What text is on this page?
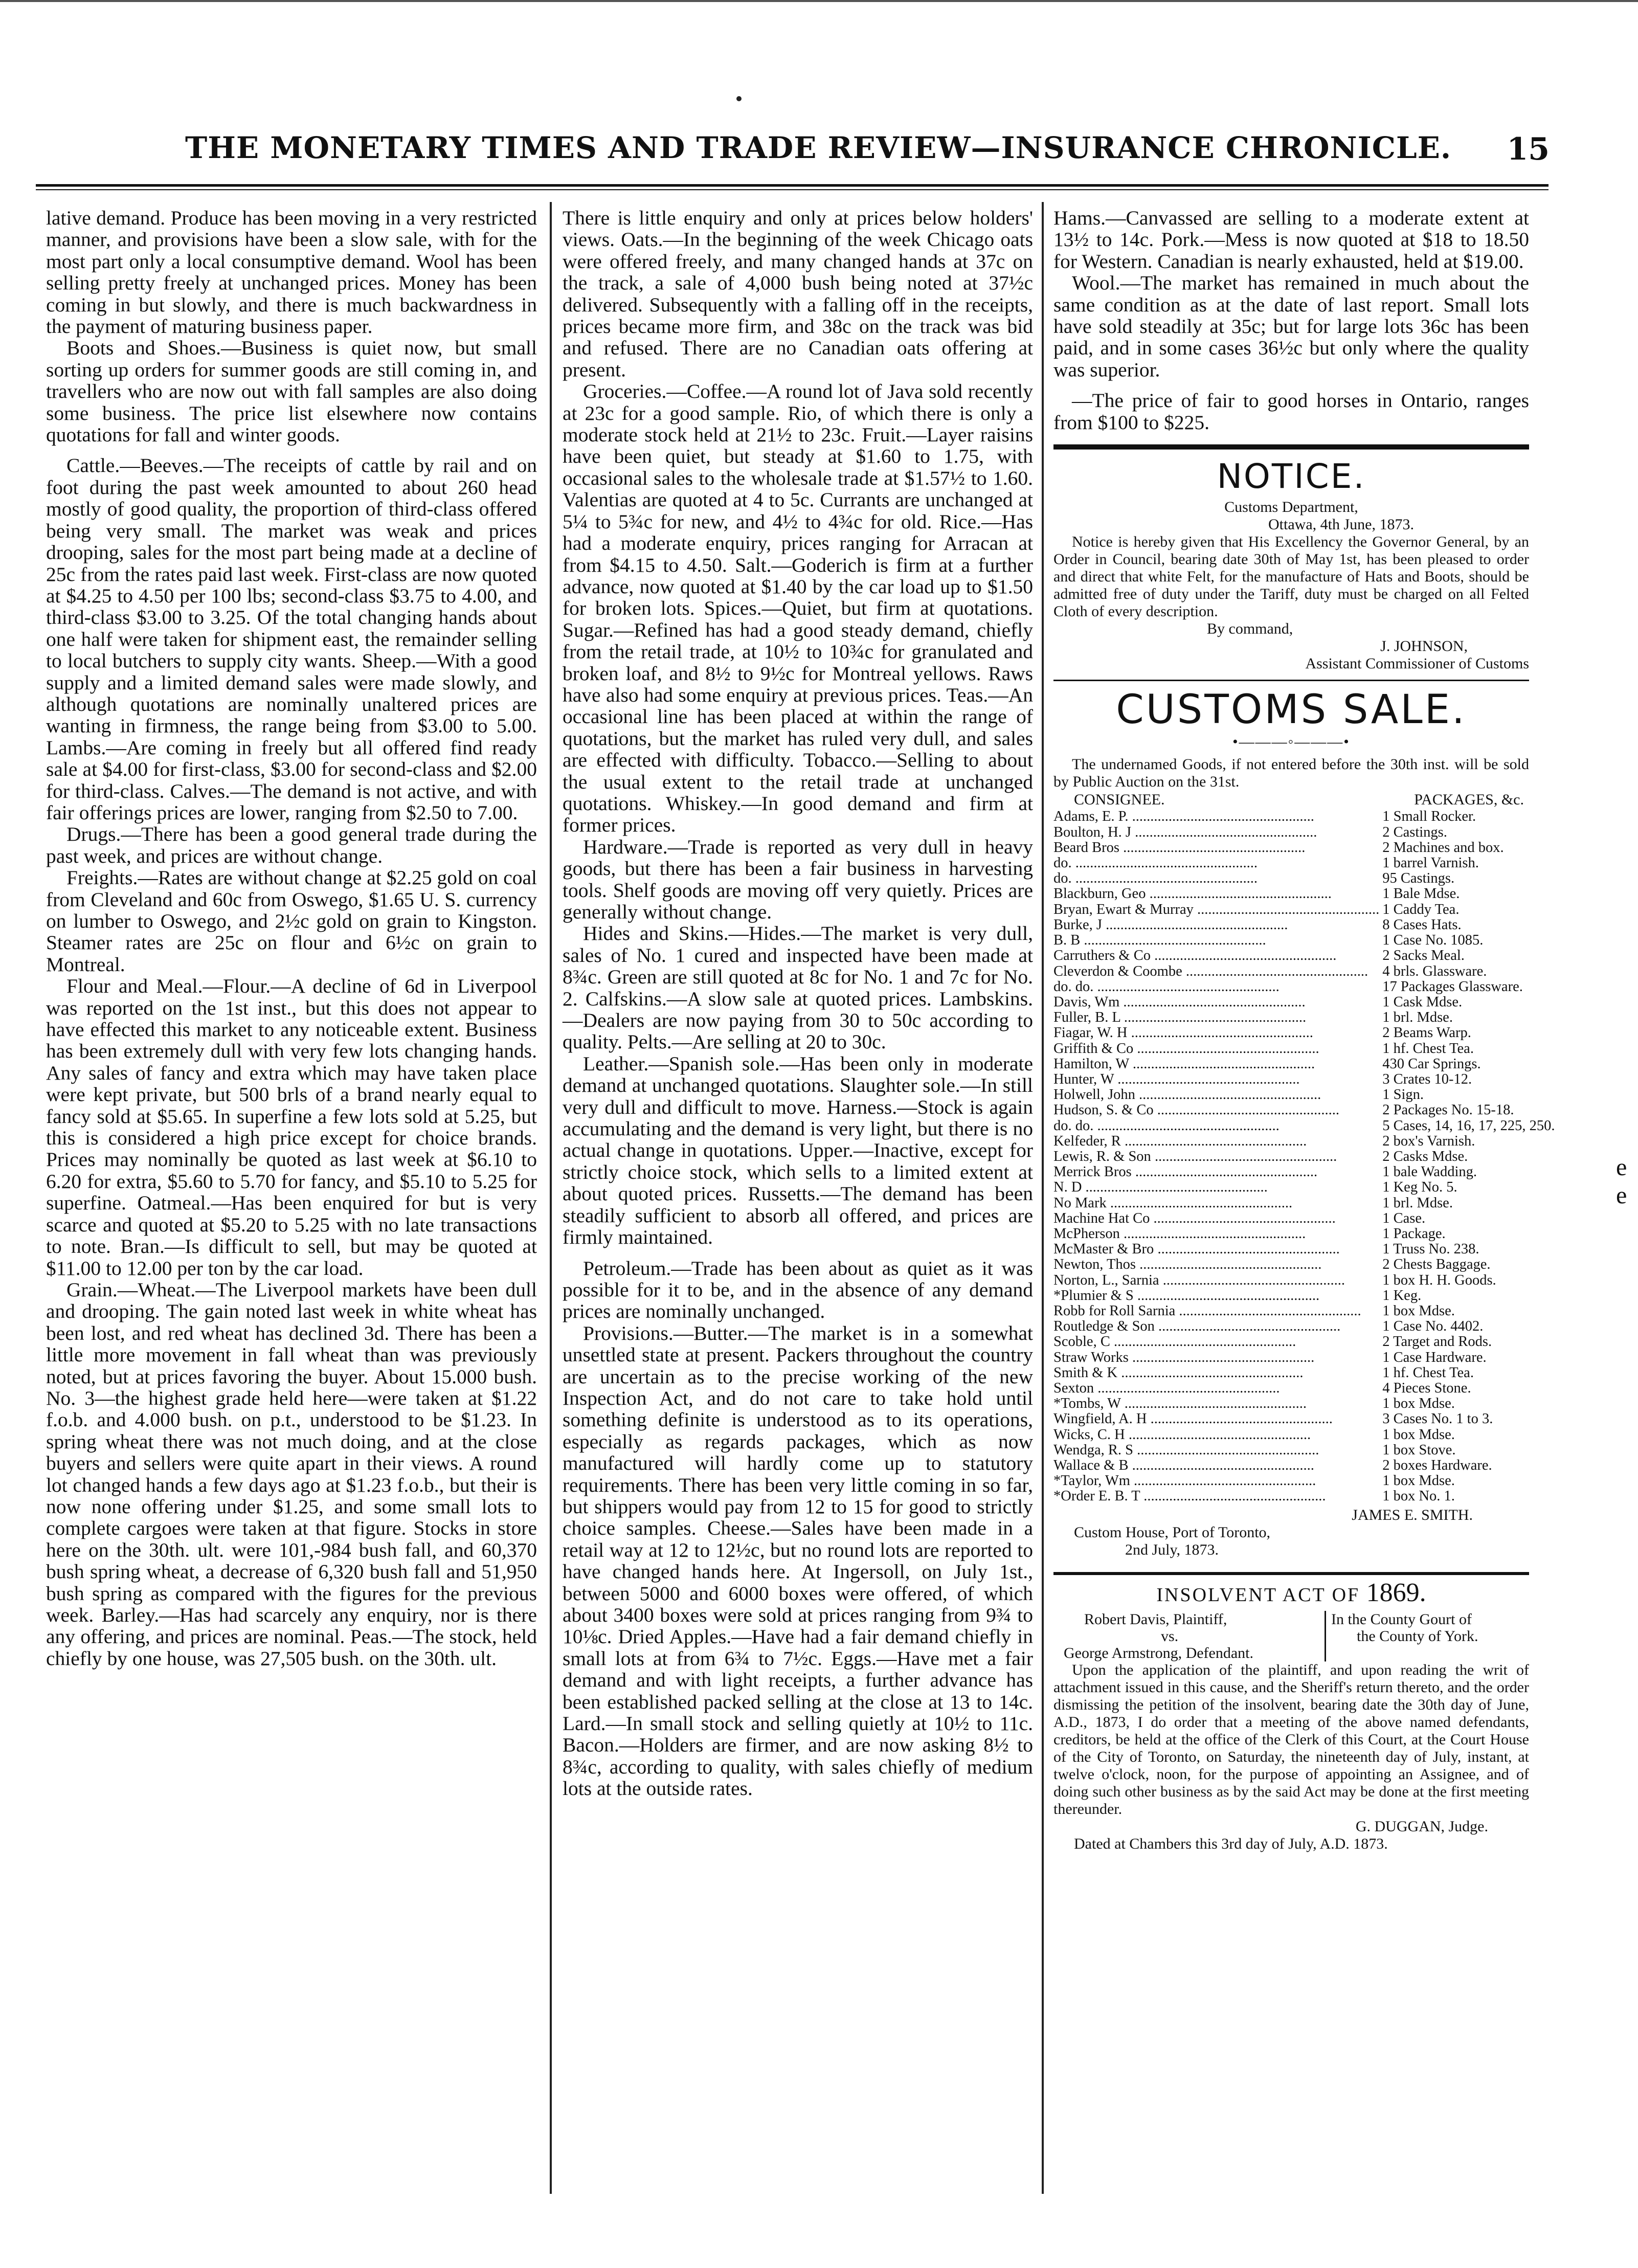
THE MONETARY TIMES AND TRADE REVIEW—INSURANCE CHRONICLE.	15

lative demand. Produce has been moving in a very restricted manner, and provisions have been a slow sale, with for the most part only a local consumptive demand. Wool has been selling pretty freely at unchanged prices. Money has been coming in but slowly, and there is much backwardness in the payment of maturing business paper.

Boots and Shoes.—Business is quiet now, but small sorting up orders for summer goods are still coming in, and travellers who are now out with fall samples are also doing some business. The price list elsewhere now contains quotations for fall and winter goods.

Cattle.—Beeves.—The receipts of cattle by rail and on foot during the past week amounted to about 260 head mostly of good quality, the proportion of third-class offered being very small. The market was weak and prices drooping, sales for the most part being made at a decline of 25c from the rates paid last week. First-class are now quoted at $4.25 to 4.50 per 100 lbs; second-class $3.75 to 4.00, and third-class $3.00 to 3.25. Of the total changing hands about one half were taken for shipment east, the remainder selling to local butchers to supply city wants. Sheep.—With a good supply and a limited demand sales were made slowly, and although quotations are nominally unaltered prices are wanting in firmness, the range being from $3.00 to 5.00. Lambs.—Are coming in freely but all offered find ready sale at $4.00 for first-class, $3.00 for second-class and $2.00 for third-class. Calves.—The demand is not active, and with fair offerings prices are lower, ranging from $2.50 to 7.00.

Drugs.—There has been a good general trade during the past week, and prices are without change.

Freights.—Rates are without change at $2.25 gold on coal from Cleveland and 60c from Oswego, $1.65 U. S. currency on lumber to Oswego, and 2½c gold on grain to Kingston. Steamer rates are 25c on flour and 6½c on grain to Montreal.

Flour and Meal.—Flour.—A decline of 6d in Liverpool was reported on the 1st inst., but this does not appear to have effected this market to any noticeable extent. Business has been extremely dull with very few lots changing hands. Any sales of fancy and extra which may have taken place were kept private, but 500 brls of a brand nearly equal to fancy sold at $5.65. In superfine a few lots sold at 5.25, but this is considered a high price except for choice brands. Prices may nominally be quoted as last week at $6.10 to 6.20 for extra, $5.60 to 5.70 for fancy, and $5.10 to 5.25 for superfine. Oatmeal.—Has been enquired for but is very scarce and quoted at $5.20 to 5.25 with no late transactions to note. Bran.—Is difficult to sell, but may be quoted at $11.00 to 12.00 per ton by the car load.

Grain.—Wheat.—The Liverpool markets have been dull and drooping. The gain noted last week in white wheat has been lost, and red wheat has declined 3d. There has been a little more movement in fall wheat than was previously noted, but at prices favoring the buyer. About 15.000 bush. No. 3—the highest grade held here—were taken at $1.22 f.o.b. and 4.000 bush. on p.t., understood to be $1.23. In spring wheat there was not much doing, and at the close buyers and sellers were quite apart in their views. A round lot changed hands a few days ago at $1.23 f.o.b., but their is now none offering under $1.25, and some small lots to complete cargoes were taken at that figure. Stocks in store here on the 30th. ult. were 101,-984 bush fall, and 60,370 bush spring wheat, a decrease of 6,320 bush fall and 51,950 bush spring as compared with the figures for the previous week. Barley.—Has had scarcely any enquiry, nor is there any offering, and prices are nominal. Peas.—The stock, held chiefly by one house, was 27,505 bush. on the 30th. ult.

There is little enquiry and only at prices below holders' views. Oats.—In the beginning of the week Chicago oats were offered freely, and many changed hands at 37c on the track, a sale of 4,000 bush being noted at 37½c delivered. Subsequently with a falling off in the receipts, prices became more firm, and 38c on the track was bid and refused. There are no Canadian oats offering at present.

Groceries.—Coffee.—A round lot of Java sold recently at 23c for a good sample. Rio, of which there is only a moderate stock held at 21½ to 23c. Fruit.—Layer raisins have been quiet, but steady at $1.60 to 1.75, with occasional sales to the wholesale trade at $1.57½ to 1.60. Valentias are quoted at 4 to 5c. Currants are unchanged at 5¼ to 5¾c for new, and 4½ to 4¾c for old. Rice.—Has had a moderate enquiry, prices ranging for Arracan at from $4.15 to 4.50. Salt.—Goderich is firm at a further advance, now quoted at $1.40 by the car load up to $1.50 for broken lots. Spices.—Quiet, but firm at quotations. Sugar.—Refined has had a good steady demand, chiefly from the retail trade, at 10½ to 10¾c for granulated and broken loaf, and 8½ to 9½c for Montreal yellows. Raws have also had some enquiry at previous prices. Teas.—An occasional line has been placed at within the range of quotations, but the market has ruled very dull, and sales are effected with difficulty. Tobacco.—Selling to about the usual extent to the retail trade at unchanged quotations. Whiskey.—In good demand and firm at former prices.

Hardware.—Trade is reported as very dull in heavy goods, but there has been a fair business in harvesting tools. Shelf goods are moving off very quietly. Prices are generally without change.

Hides and Skins.—Hides.—The market is very dull, sales of No. 1 cured and inspected have been made at 8¾c. Green are still quoted at 8c for No. 1 and 7c for No. 2. Calfskins.—A slow sale at quoted prices. Lambskins.—Dealers are now paying from 30 to 50c according to quality. Pelts.—Are selling at 20 to 30c.

Leather.—Spanish sole.—Has been only in moderate demand at unchanged quotations. Slaughter sole.—In still very dull and difficult to move. Harness.—Stock is again accumulating and the demand is very light, but there is no actual change in quotations. Upper.—Inactive, except for strictly choice stock, which sells to a limited extent at about quoted prices. Russetts.—The demand has been steadily sufficient to absorb all offered, and prices are firmly maintained.

Petroleum.—Trade has been about as quiet as it was possible for it to be, and in the absence of any demand prices are nominally unchanged.

Provisions.—Butter.—The market is in a somewhat unsettled state at present. Packers throughout the country are uncertain as to the precise working of the new Inspection Act, and do not care to take hold until something definite is understood as to its operations, especially as regards packages, which as now manufactured will hardly come up to statutory requirements. There has been very little coming in so far, but shippers would pay from 12 to 15 for good to strictly choice samples. Cheese.—Sales have been made in a retail way at 12 to 12½c, but no round lots are reported to have changed hands here. At Ingersoll, on July 1st., between 5000 and 6000 boxes were offered, of which about 3400 boxes were sold at prices ranging from 9¾ to 10⅛c. Dried Apples.—Have had a fair demand chiefly in small lots at from 6¾ to 7½c. Eggs.—Have met a fair demand and with light receipts, a further advance has been established packed selling at the close at 13 to 14c. Lard.—In small stock and selling quietly at 10½ to 11c. Bacon.—Holders are firmer, and are now asking 8½ to 8¾c, according to quality, with sales chiefly of medium lots at the outside rates.

Hams.—Canvassed are selling to a moderate extent at 13½ to 14c. Pork.—Mess is now quoted at $18 to 18.50 for Western. Canadian is nearly exhausted, held at $19.00.

Wool.—The market has remained in much about the same condition as at the date of last report. Small lots have sold steadily at 35c; but for large lots 36c has been paid, and in some cases 36½c but only where the quality was superior.

—The price of fair to good horses in Ontario, ranges from $100 to $225.

NOTICE.
Customs Department,
Ottawa, 4th June, 1873.

Notice is hereby given that His Excellency the Governor General, by an Order in Council, bearing date 30th of May 1st, has been pleased to order and direct that white Felt, for the manufacture of Hats and Boots, should be admitted free of duty under the Tariff, duty must be charged on all Felted Cloth of every description.

By command,
J. JOHNSON,
Assistant Commissioner of Customs
CUSTOMS SALE.
•———◦———•

The undernamed Goods, if not entered before the 30th inst. will be sold by Public Auction on the 31st.

CONSIGNEE.	PACKAGES, &c.
Adams, E. P. ..................................................	1 Small Rocker.
Boulton, H. J ..................................................	2 Castings.
Beard Bros ..................................................	2 Machines and box.
do. ..................................................	1 barrel Varnish.
do. ..................................................	95 Castings.
Blackburn, Geo ..................................................	1 Bale Mdse.
Bryan, Ewart & Murray ..................................................	1 Caddy Tea.
Burke, J ..................................................	8 Cases Hats.
B. B ..................................................	1 Case No. 1085.
Carruthers & Co ..................................................	2 Sacks Meal.
Cleverdon & Coombe ..................................................	4 brls. Glassware.
do. do. ..................................................	17 Packages Glassware.
Davis, Wm ..................................................	1 Cask Mdse.
Fuller, B. L ..................................................	1 brl. Mdse.
Fiagar, W. H ..................................................	2 Beams Warp.
Griffith & Co ..................................................	1 hf. Chest Tea.
Hamilton, W ..................................................	430 Car Springs.
Hunter, W ..................................................	3 Crates 10-12.
Holwell, John ..................................................	1 Sign.
Hudson, S. & Co ..................................................	2 Packages No. 15-18.
do. do. ..................................................	5 Cases, 14, 16, 17, 225, 250.
Kelfeder, R ..................................................	2 box's Varnish.
Lewis, R. & Son ..................................................	2 Casks Mdse.
Merrick Bros ..................................................	1 bale Wadding.
N. D ..................................................	1 Keg No. 5.
No Mark ..................................................	1 brl. Mdse.
Machine Hat Co ..................................................	1 Case.
McPherson ..................................................	1 Package.
McMaster & Bro ..................................................	1 Truss No. 238.
Newton, Thos ..................................................	2 Chests Baggage.
Norton, L., Sarnia ..................................................	1 box H. H. Goods.
*Plumier & S ..................................................	1 Keg.
Robb for Roll Sarnia ..................................................	1 box Mdse.
Routledge & Son ..................................................	1 Case No. 4402.
Scoble, C ..................................................	2 Target and Rods.
Straw Works ..................................................	1 Case Hardware.
Smith & K ..................................................	1 hf. Chest Tea.
Sexton ..................................................	4 Pieces Stone.
*Tombs, W ..................................................	1 box Mdse.
Wingfield, A. H ..................................................	3 Cases No. 1 to 3.
Wicks, C. H ..................................................	1 box Mdse.
Wendga, R. S ..................................................	1 box Stove.
Wallace & B ..................................................	2 boxes Hardware.
*Taylor, Wm ..................................................	1 box Mdse.
*Order E. B. T ..................................................	1 box No. 1.
JAMES E. SMITH.
Custom House, Port of Toronto,
2nd July, 1873.
INSOLVENT ACT OF 1869.
Robert Davis, Plaintiff,
vs.
George Armstrong, Defendant.
In the County Gourt of
the County of York.

Upon the application of the plaintiff, and upon reading the writ of attachment issued in this cause, and the Sheriff's return thereto, and the order dismissing the petition of the insolvent, bearing date the 30th day of June, A.D., 1873, I do order that a meeting of the above named defendants, creditors, be held at the office of the Clerk of this Court, at the Court House of the City of Toronto, on Saturday, the nineteenth day of July, instant, at twelve o'clock, noon, for the purpose of appointing an Assignee, and of doing such other business as by the said Act may be done at the first meeting thereunder.

G. DUGGAN, Judge.
Dated at Chambers this 3rd day of July, A.D. 1873.
e
e
